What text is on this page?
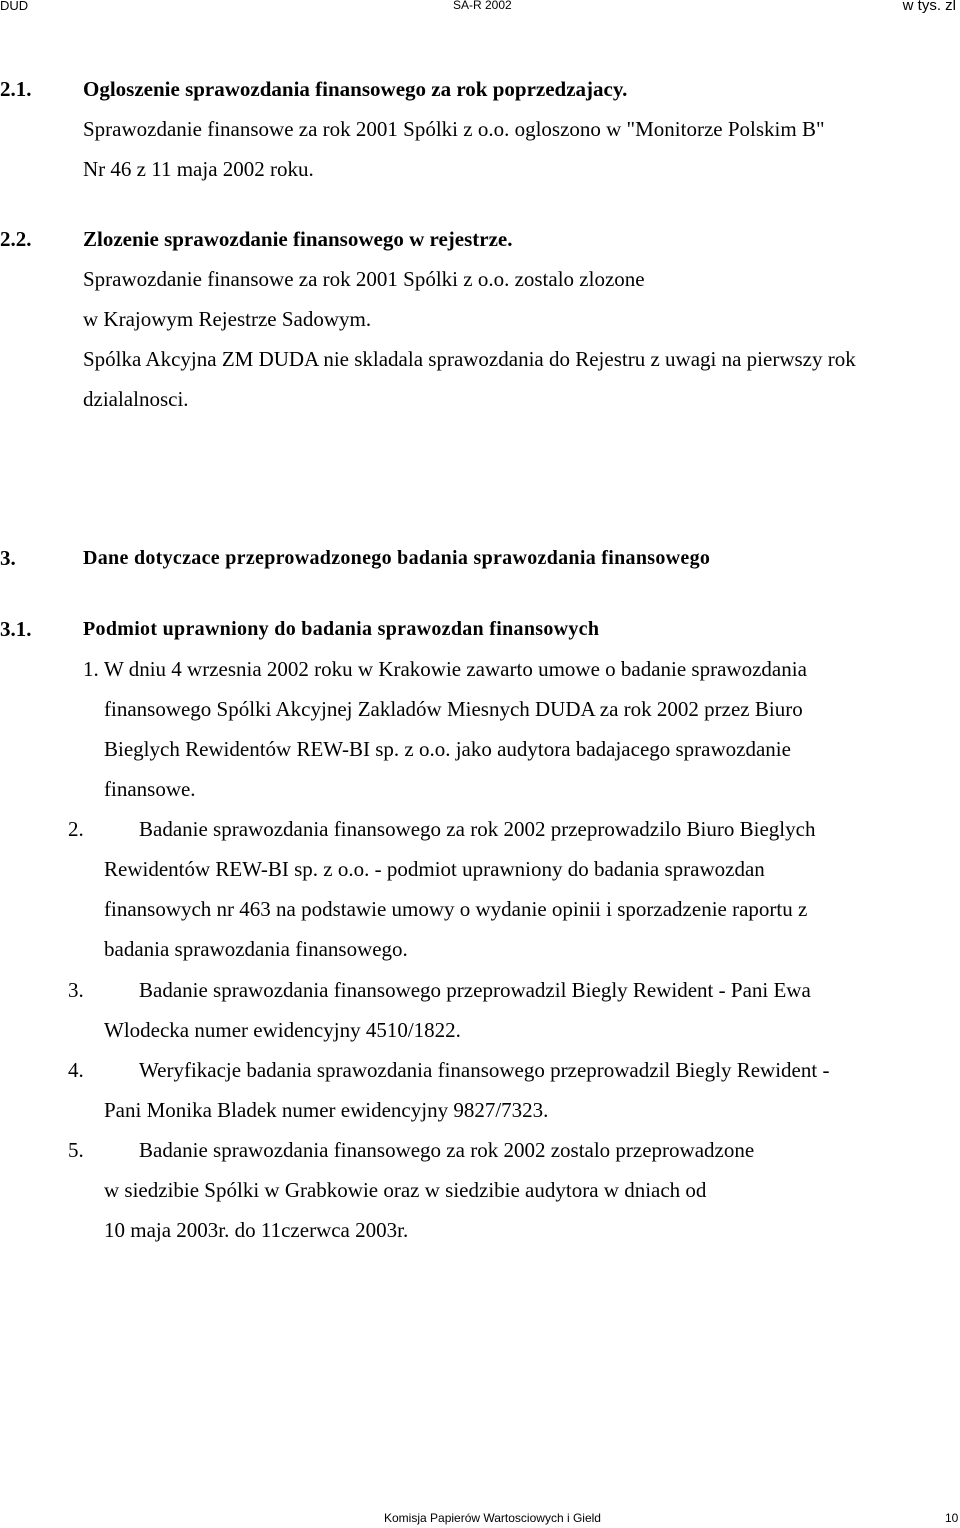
DUD	SA-R 2002	w tys. zl
2.1. Ogloszenie sprawozdania finansowego za rok poprzedzajacy.
Sprawozdanie finansowe za rok 2001 Spólki z o.o. ogloszono w "Monitorze Polskim B"
Nr 46 z 11 maja 2002 roku.
2.2. Zlozenie sprawozdanie finansowego w rejestrze.
Sprawozdanie finansowe za rok 2001 Spólki z o.o. zostalo zlozone
w Krajowym Rejestrze Sadowym.
Spólka Akcyjna ZM DUDA nie skladala sprawozdania do Rejestru z uwagi na pierwszy rok
dzialalnosci.
3.	Dane dotyczace przeprowadzonego badania sprawozdania finansowego
3.1.	Podmiot uprawniony do badania sprawozdan finansowych
1. W dniu 4 wrzesnia 2002 roku w Krakowie zawarto umowe o badanie sprawozdania
finansowego Spólki Akcyjnej Zakladów Miesnych DUDA za rok 2002 przez Biuro
Bieglych Rewidentów REW-BI sp. z o.o. jako audytora badajacego sprawozdanie
finansowe.
2.	Badanie sprawozdania finansowego za rok 2002 przeprowadzilo Biuro Bieglych
Rewidentów REW-BI sp. z o.o. - podmiot uprawniony do badania sprawozdan
finansowych nr 463 na podstawie umowy o wydanie opinii i sporzadzenie raportu z
badania sprawozdania finansowego.
3.	Badanie sprawozdania finansowego przeprowadzil Biegly Rewident - Pani Ewa
Wlodecka numer ewidencyjny 4510/1822.
4.	Weryfikacje badania sprawozdania finansowego przeprowadzil Biegly Rewident -
Pani Monika Bladek numer ewidencyjny 9827/7323.
5.	Badanie sprawozdania finansowego za rok 2002 zostalo przeprowadzone
w siedzibie Spólki w Grabkowie oraz w siedzibie audytora w dniach od
10 maja 2003r. do 11czerwca 2003r.
Komisja Papierów Wartosciowych i Gield	10
